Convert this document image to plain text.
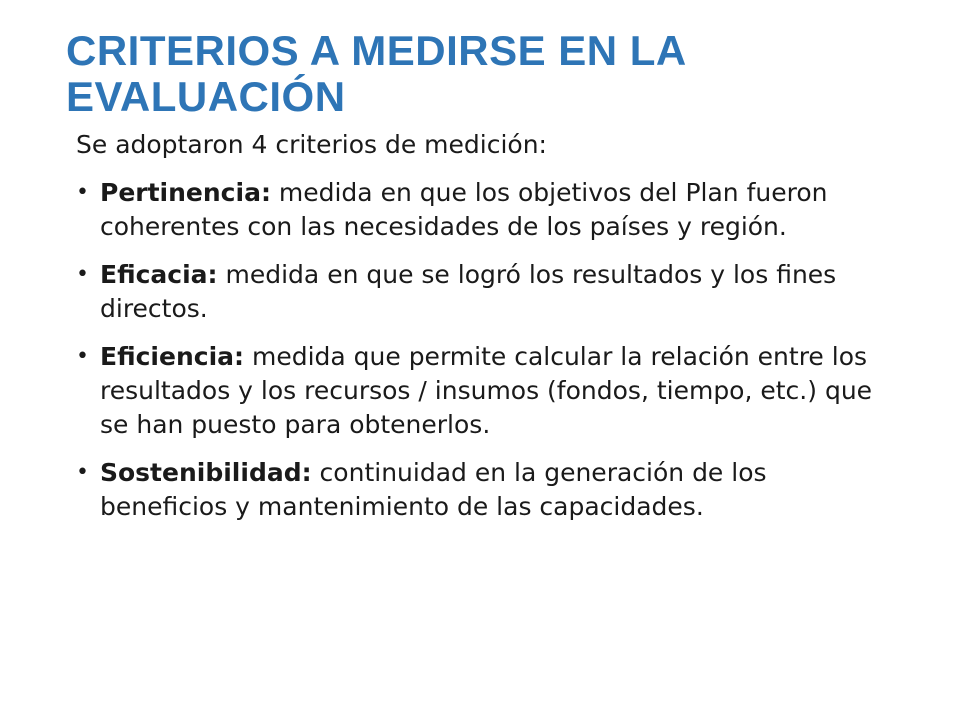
CRITERIOS A MEDIRSE EN LA EVALUACIÓN

Se adoptaron 4 criterios de medición:

• Pertinencia: medida en que los objetivos del Plan fueron coherentes con las necesidades de los países y región.
• Eficacia: medida en que se logró los resultados y los fines directos.
• Eficiencia: medida que permite calcular la relación entre los resultados y los recursos / insumos (fondos, tiempo, etc.) que se han puesto para obtenerlos.
• Sostenibilidad: continuidad en la generación de los beneficios y mantenimiento de las capacidades.
